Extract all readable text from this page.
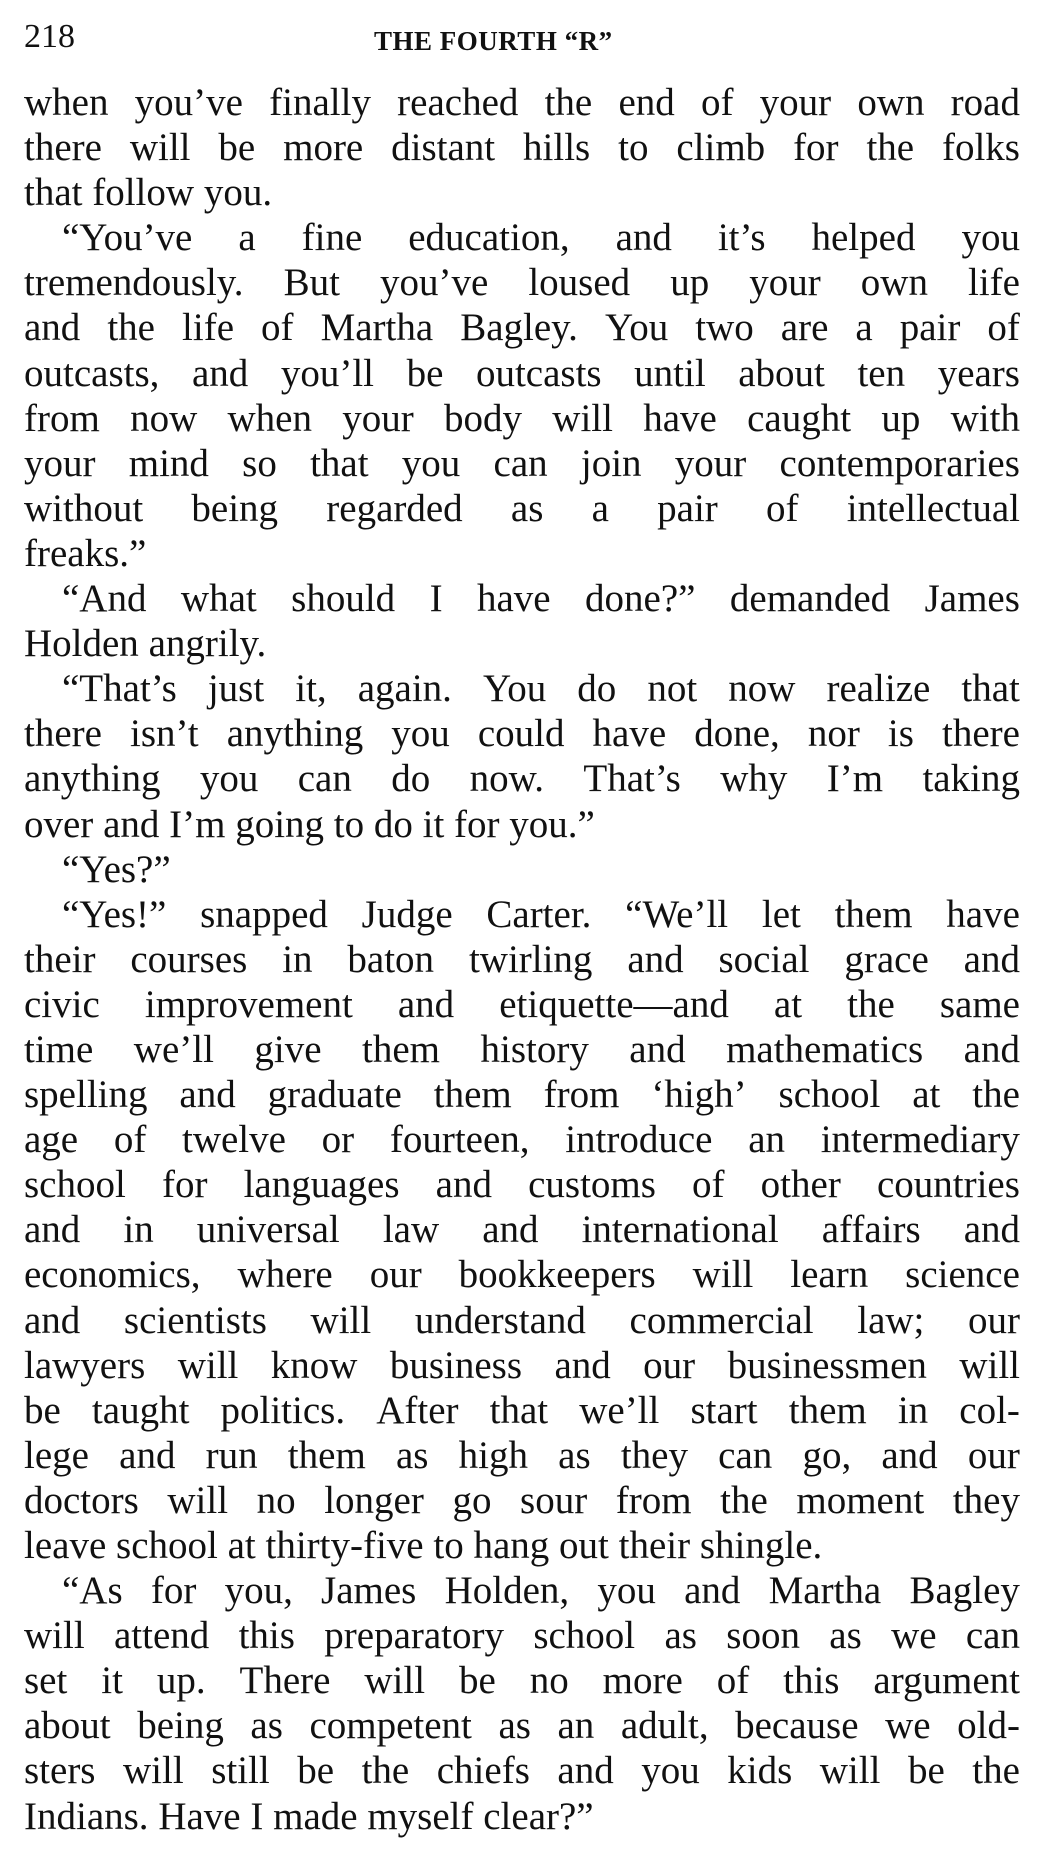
218	THE FOURTH “R”
when you’ve finally reached the end of your own road
there will be more distant hills to climb for the folks
that follow you.
“You’ve a fine education, and it’s helped you
tremendously. But you’ve loused up your own life
and the life of Martha Bagley. You two are a pair of
outcasts, and you’ll be outcasts until about ten years
from now when your body will have caught up with
your mind so that you can join your contemporaries
without being regarded as a pair of intellectual
freaks.”
“And what should I have done?” demanded James
Holden angrily.
“That’s just it, again. You do not now realize that
there isn’t anything you could have done, nor is there
anything you can do now. That’s why I’m taking
over and I’m going to do it for you.”
“Yes?”
“Yes!” snapped Judge Carter. “We’ll let them have
their courses in baton twirling and social grace and
civic improvement and etiquette—and at the same
time we’ll give them history and mathematics and
spelling and graduate them from ‘high’ school at the
age of twelve or fourteen, introduce an intermediary
school for languages and customs of other countries
and in universal law and international affairs and
economics, where our bookkeepers will learn science
and scientists will understand commercial law; our
lawyers will know business and our businessmen will
be taught politics. After that we’ll start them in col-
lege and run them as high as they can go, and our
doctors will no longer go sour from the moment they
leave school at thirty-five to hang out their shingle.
“As for you, James Holden, you and Martha Bagley
will attend this preparatory school as soon as we can
set it up. There will be no more of this argument
about being as competent as an adult, because we old-
sters will still be the chiefs and you kids will be the
Indians. Have I made myself clear?”
